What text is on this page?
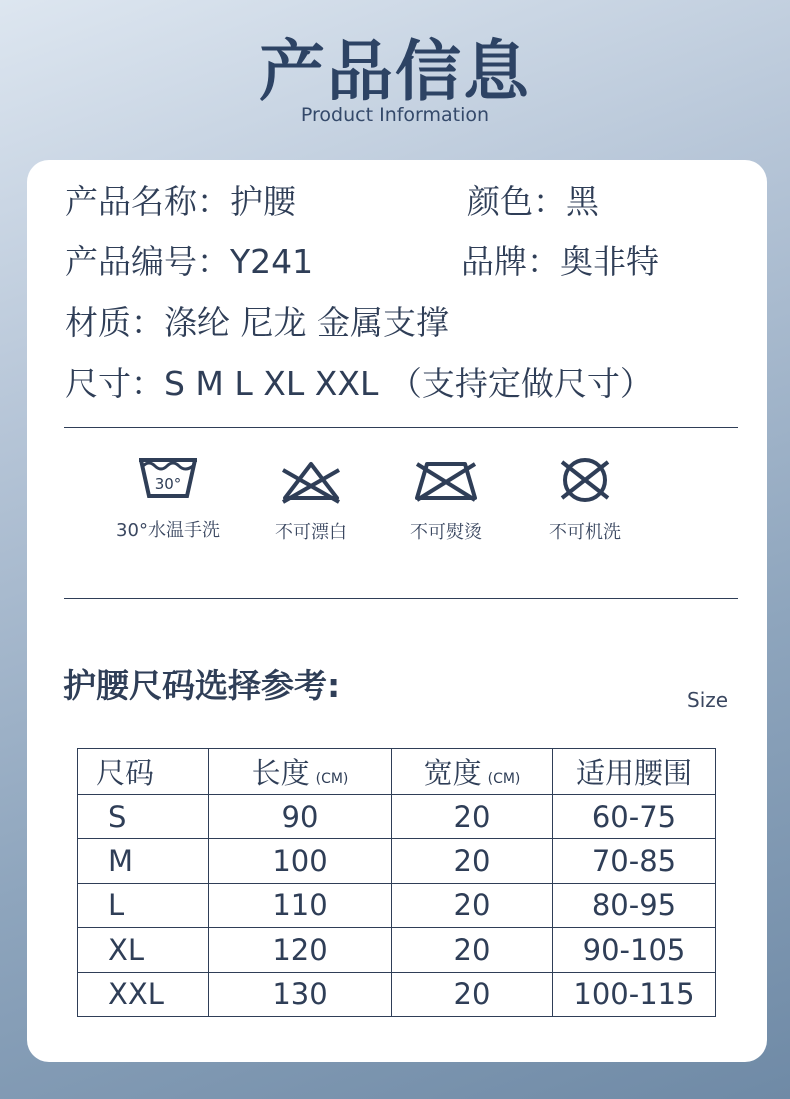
产品信息
Product Information
产品名称：护腰	颜色：黑
产品编号：Y241	品牌：奥非特
材质：涤纶 尼龙 金属支撑
尺寸：S M L XL XXL （支持定做尺寸）
30°
30°水温手洗	不可漂白	不可熨烫	不可机洗
护腰尺码选择参考:	Size
尺码	长度 (CM)	宽度 (CM)	适用腰围
S	90	20	60-75
M	100	20	70-85
L	110	20	80-95
XL	120	20	90-105
XXL	130	20	100-115
